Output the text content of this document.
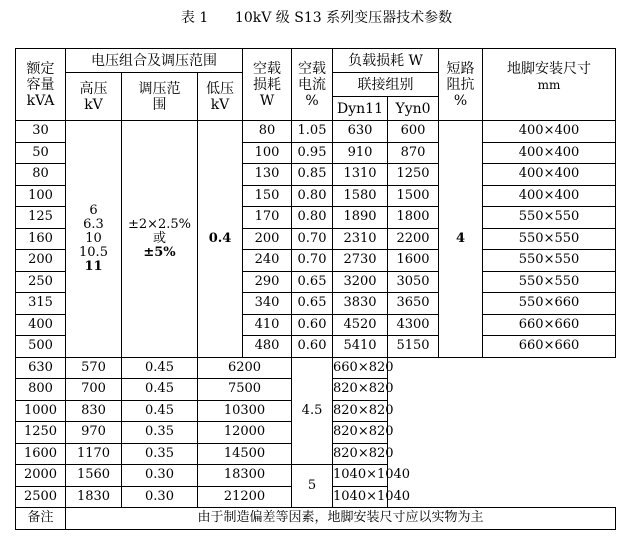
表 1      10kV 级 S13 系列变压器技术参数
额定
容量
kVA	电压组合及调压范围			空载
损耗
W	空载
电流
%	负载损耗 W		短路
阻抗
%	地脚安装尺寸
mm

	高压
kV	调压范
围	低压
kV			联接组别			
						Dyn11	Yyn0		
30	6
6.3
10
10.5
11	±2×2.5%
或
±5%	0.4	80	1.05	630	600	4	400×400
50				100	0.95	910	870		400×400
80				130	0.85	1310	1250		400×400
100				150	0.80	1580	1500		400×400
125				170	0.80	1890	1800		550×550
160				200	0.70	2310	2200		550×550
200				240	0.70	2730	1600		550×550
250				290	0.65	3200	3050		550×550
315				340	0.65	3830	3650		550×660
400				410	0.60	4520	4300		660×660
500				480	0.60	5410	5150		660×660
630	570	0.45	6200		4.5	660×820			
800	700	0.45	7500			820×820			
1000	830	0.45	10300			820×820			
1250	970	0.35	12000			820×820			
1600	1170	0.35	14500			820×820			
2000	1560	0.30	18300		5	1040×1040			
2500	1830	0.30	21200			1040×1040			
备注	由于制造偏差等因素，地脚安装尺寸应以实物为主								
